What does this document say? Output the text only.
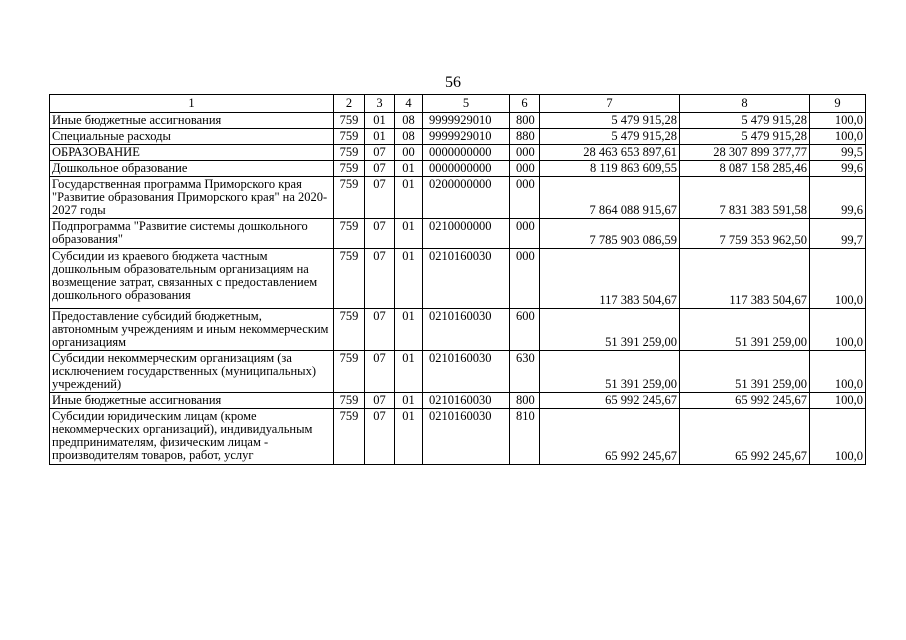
56
1	2	3	4	5	6	7	8	9
Иные бюджетные ассигнования	759	01	08	9999929010	800	5 479 915,28	5 479 915,28	100,0
Специальные расходы	759	01	08	9999929010	880	5 479 915,28	5 479 915,28	100,0
ОБРАЗОВАНИЕ	759	07	00	0000000000	000	28 463 653 897,61	28 307 899 377,77	99,5
Дошкольное образование	759	07	01	0000000000	000	8 119 863 609,55	8 087 158 285,46	99,6
Государственная программа Приморского края "Развитие образования Приморского края" на 2020-2027 годы	759	07	01	0200000000	000	7 864 088 915,67	7 831 383 591,58	99,6
Подпрограмма "Развитие системы дошкольного образования"	759	07	01	0210000000	000	7 785 903 086,59	7 759 353 962,50	99,7
Субсидии из краевого бюджета частным дошкольным образовательным организациям на возмещение затрат, связанных с предоставлением дошкольного образования	759	07	01	0210160030	000	117 383 504,67	117 383 504,67	100,0
Предоставление субсидий бюджетным, автономным учреждениям и иным некоммерческим организациям	759	07	01	0210160030	600	51 391 259,00	51 391 259,00	100,0
Субсидии некоммерческим организациям (за исключением государственных (муниципальных) учреждений)	759	07	01	0210160030	630	51 391 259,00	51 391 259,00	100,0
Иные бюджетные ассигнования	759	07	01	0210160030	800	65 992 245,67	65 992 245,67	100,0
Субсидии юридическим лицам (кроме некоммерческих организаций), индивидуальным предпринимателям, физическим лицам - производителям товаров, работ, услуг	759	07	01	0210160030	810	65 992 245,67	65 992 245,67	100,0
